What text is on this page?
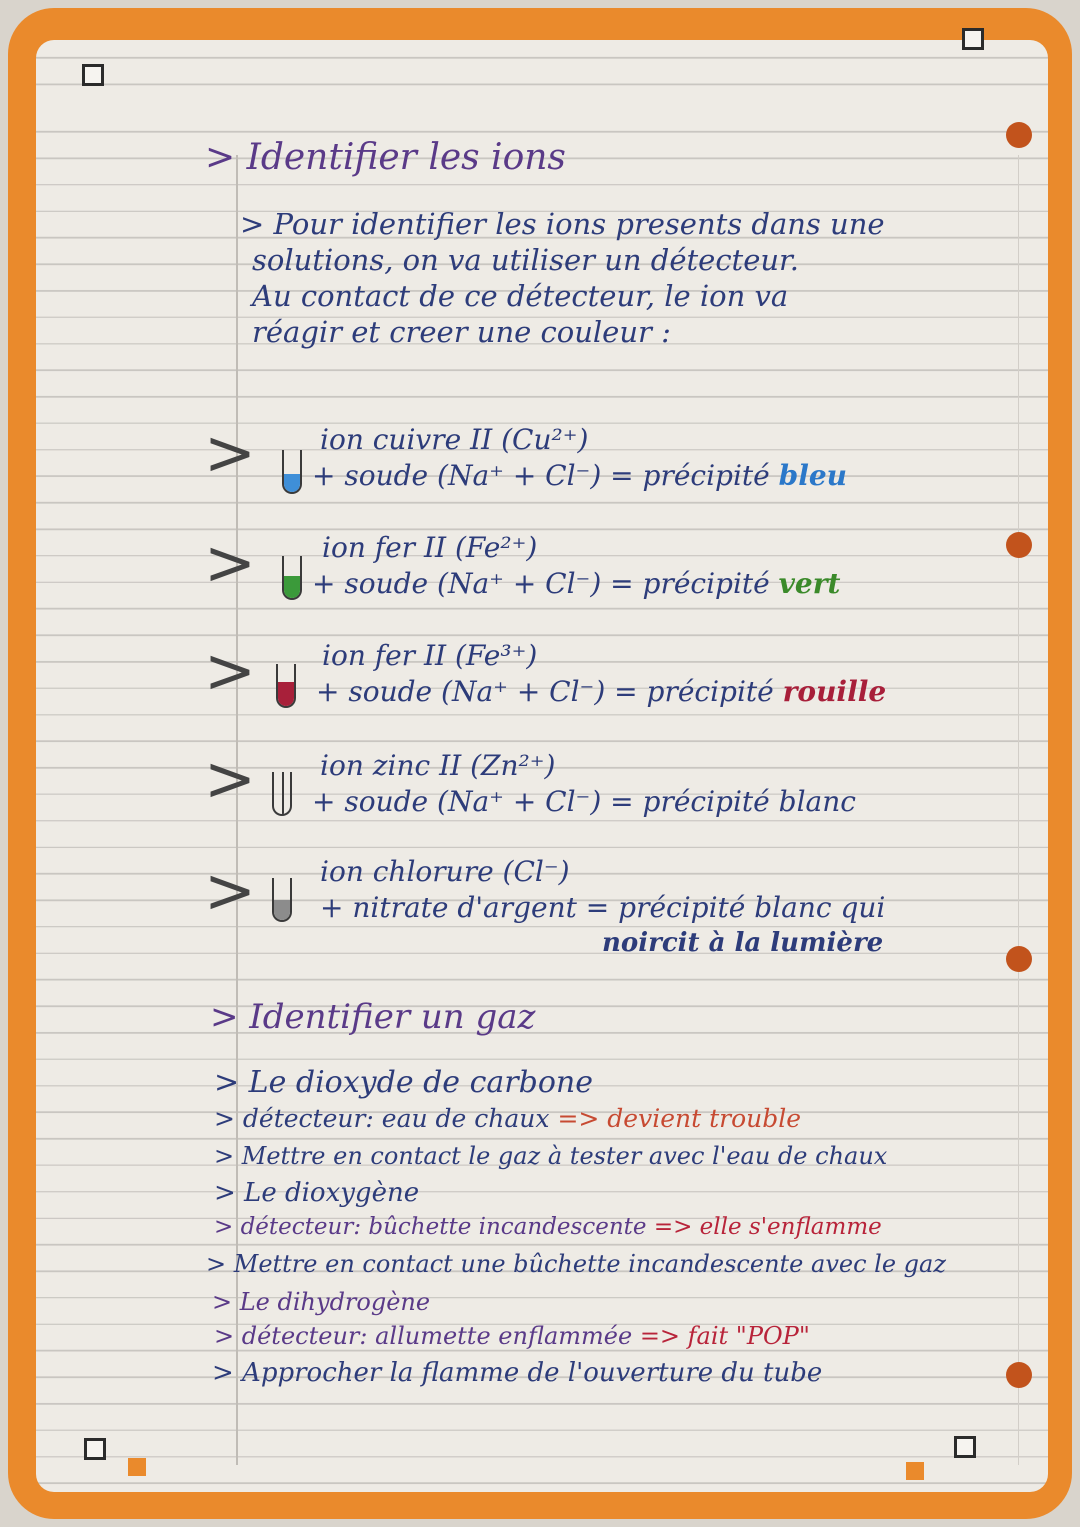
> Identifier les ions
> Pour identifier les ions presents dans une
solutions, on va utiliser un détecteur.
Au contact de ce détecteur, le ion va
réagir et creer une couleur :
> ion cuivre II (Cu²⁺)
+ soude (Na⁺ + Cl⁻) = précipité bleu
> ion fer II (Fe²⁺)
+ soude (Na⁺ + Cl⁻) = précipité vert
> ion fer II (Fe³⁺)
+ soude (Na⁺ + Cl⁻) = précipité rouille
> ion zinc II (Zn²⁺)
+ soude (Na⁺ + Cl⁻) = précipité blanc
> ion chlorure (Cl⁻)
+ nitrate d'argent = précipité blanc qui
noircit à la lumière
> Identifier un gaz
> Le dioxyde de carbone
> détecteur: eau de chaux => devient trouble
> Mettre en contact le gaz à tester avec l'eau de chaux
> Le dioxygène
> détecteur: bûchette incandescente => elle s'enflamme
> Mettre en contact une bûchette incandescente avec le gaz
> Le dihydrogène
> détecteur: allumette enflammée => fait "POP"
> Approcher la flamme de l'ouverture du tube
